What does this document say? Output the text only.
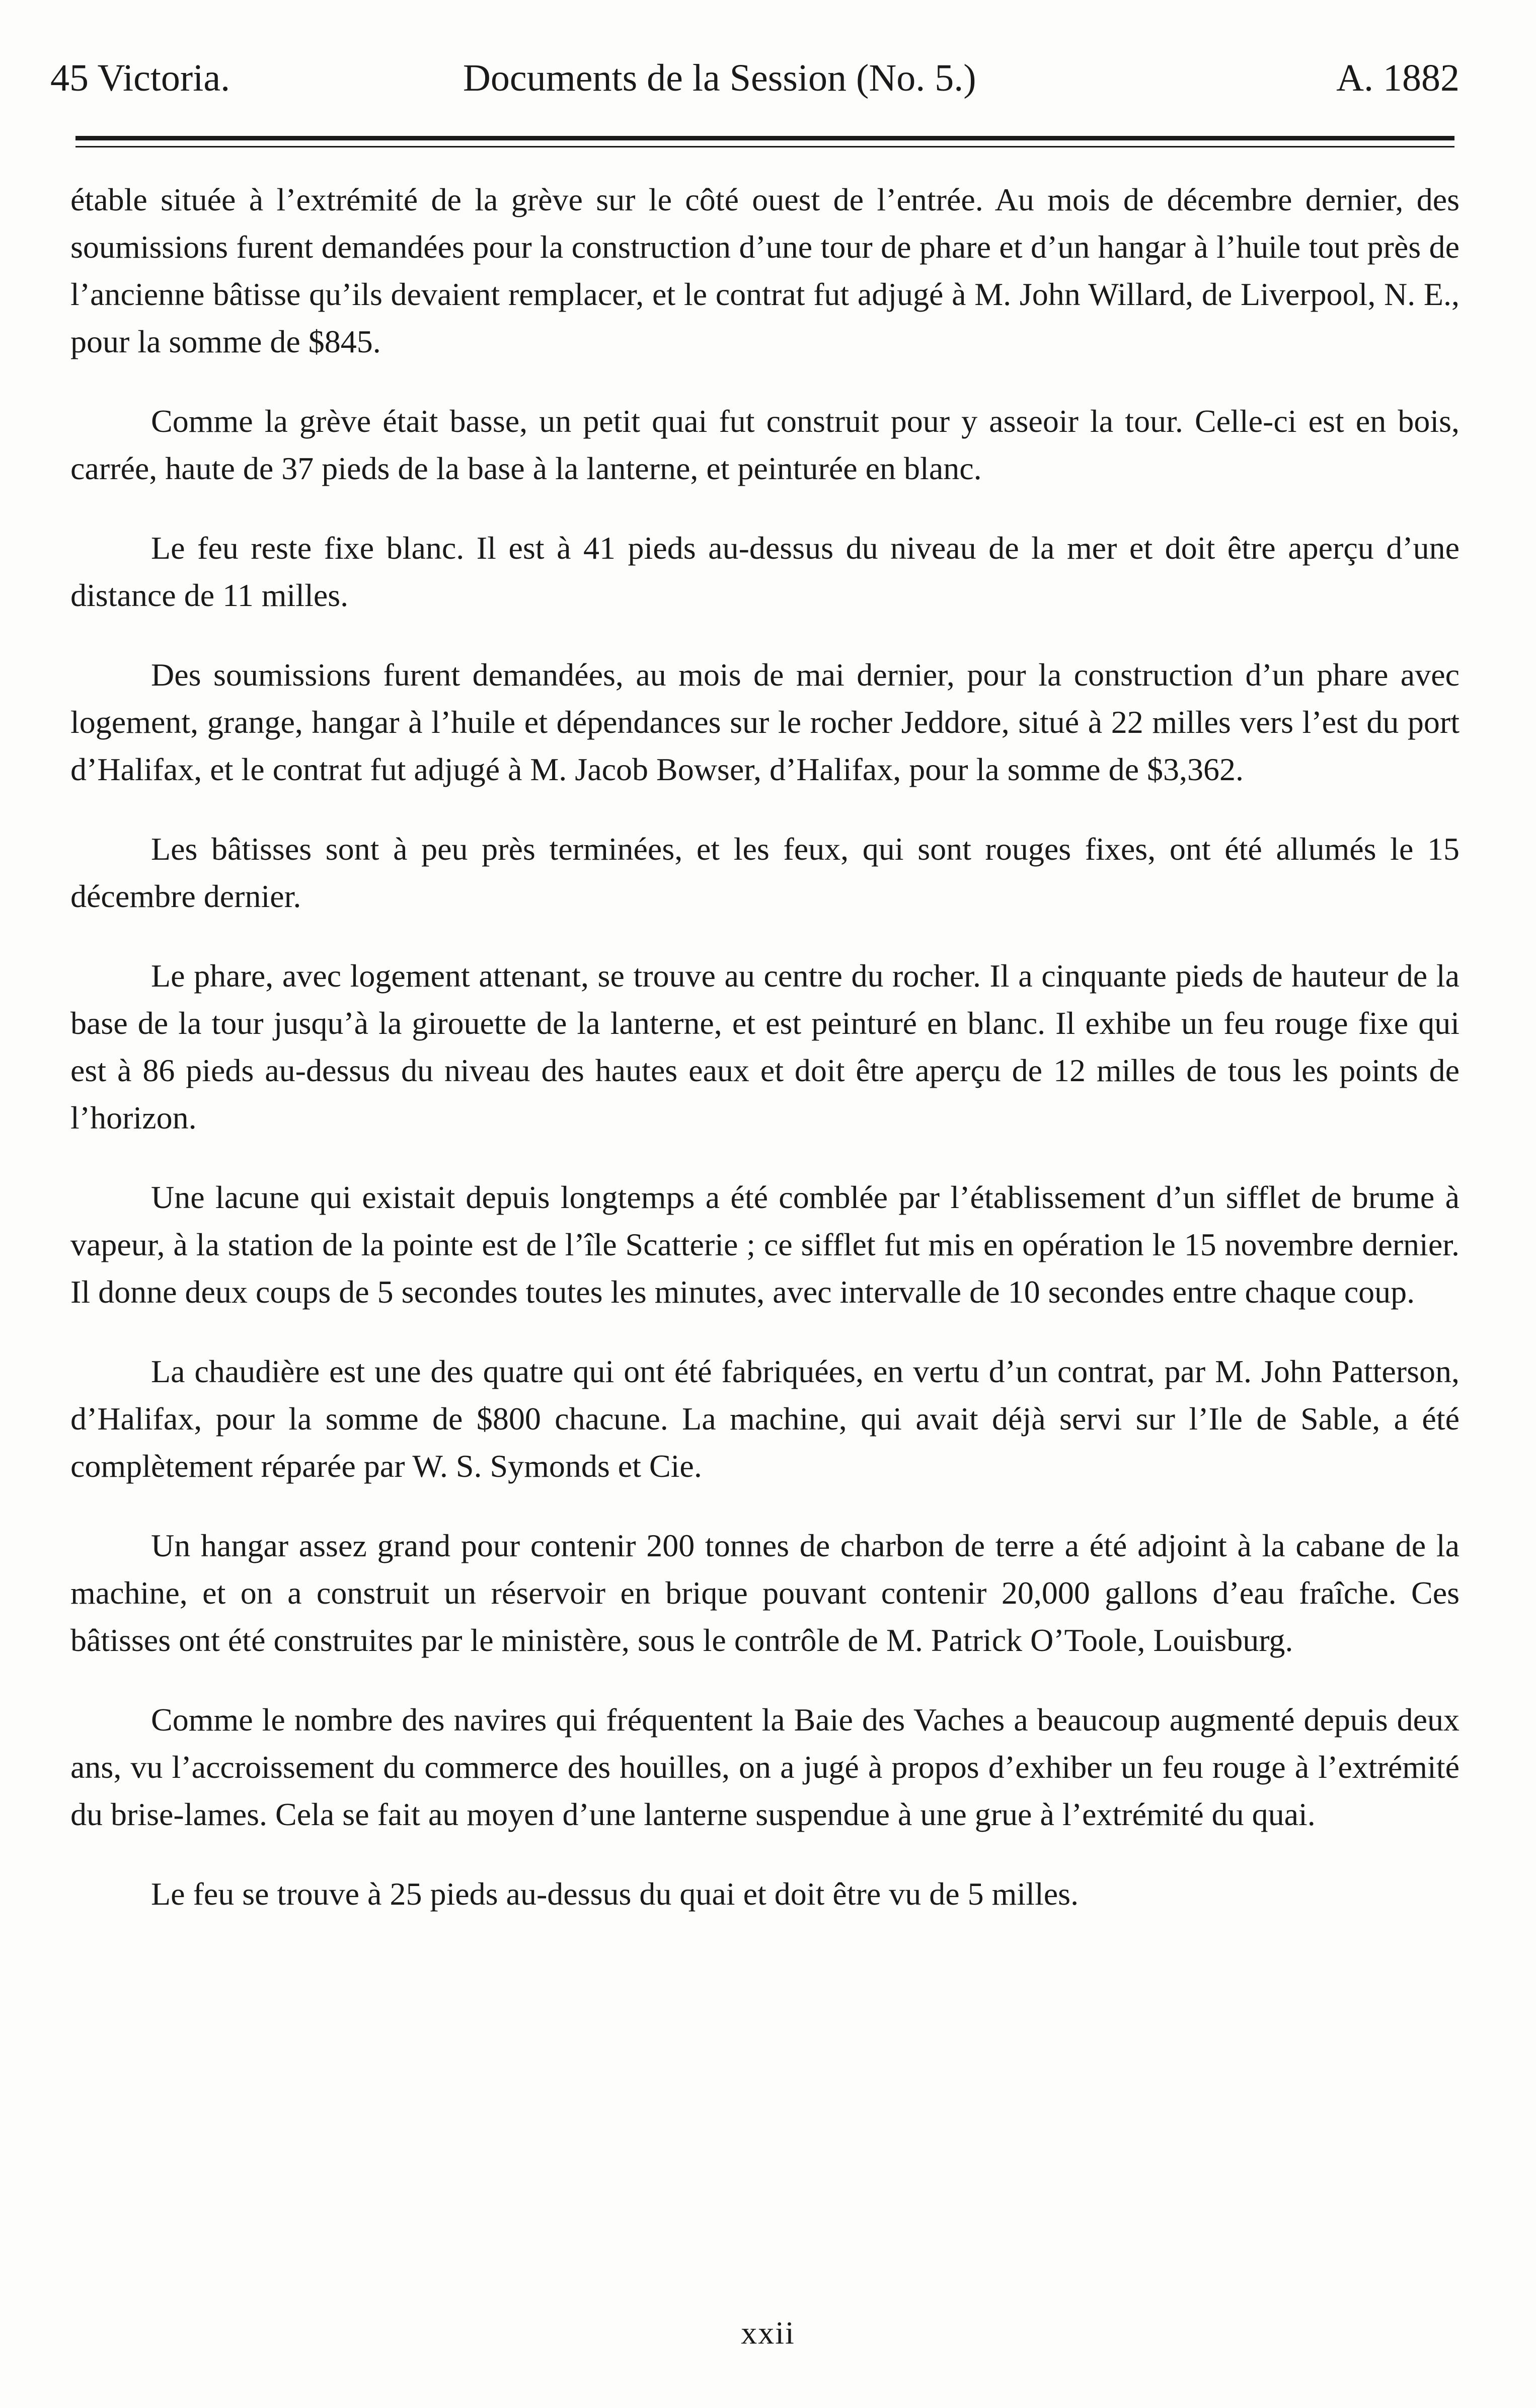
45 Victoria.	Documents de la Session (No. 5.)	A. 1882

étable située à l’extrémité de la grève sur le côté ouest de l’entrée. Au mois de décembre dernier, des soumissions furent demandées pour la construction d’une tour de phare et d’un hangar à l’huile tout près de l’ancienne bâtisse qu’ils devaient remplacer, et le contrat fut adjugé à M. John Willard, de Liverpool, N. E., pour la somme de $845.

Comme la grève était basse, un petit quai fut construit pour y asseoir la tour. Celle-ci est en bois, carrée, haute de 37 pieds de la base à la lanterne, et peinturée en blanc.

Le feu reste fixe blanc. Il est à 41 pieds au-dessus du niveau de la mer et doit être aperçu d’une distance de 11 milles.

Des soumissions furent demandées, au mois de mai dernier, pour la construction d’un phare avec logement, grange, hangar à l’huile et dépendances sur le rocher Jeddore, situé à 22 milles vers l’est du port d’Halifax, et le contrat fut adjugé à M. Jacob Bowser, d’Halifax, pour la somme de $3,362.

Les bâtisses sont à peu près terminées, et les feux, qui sont rouges fixes, ont été allumés le 15 décembre dernier.

Le phare, avec logement attenant, se trouve au centre du rocher. Il a cinquante pieds de hauteur de la base de la tour jusqu’à la girouette de la lanterne, et est peinturé en blanc. Il exhibe un feu rouge fixe qui est à 86 pieds au-dessus du niveau des hautes eaux et doit être aperçu de 12 milles de tous les points de l’horizon.

Une lacune qui existait depuis longtemps a été comblée par l’établissement d’un sifflet de brume à vapeur, à la station de la pointe est de l’île Scatterie ; ce sifflet fut mis en opération le 15 novembre dernier. Il donne deux coups de 5 secondes toutes les minutes, avec intervalle de 10 secondes entre chaque coup.

La chaudière est une des quatre qui ont été fabriquées, en vertu d’un contrat, par M. John Patterson, d’Halifax, pour la somme de $800 chacune. La machine, qui avait déjà servi sur l’Ile de Sable, a été complètement réparée par W. S. Symonds et Cie.

Un hangar assez grand pour contenir 200 tonnes de charbon de terre a été adjoint à la cabane de la machine, et on a construit un réservoir en brique pouvant contenir 20,000 gallons d’eau fraîche. Ces bâtisses ont été construites par le ministère, sous le contrôle de M. Patrick O’Toole, Louisburg.

Comme le nombre des navires qui fréquentent la Baie des Vaches a beaucoup augmenté depuis deux ans, vu l’accroissement du commerce des houilles, on a jugé à propos d’exhiber un feu rouge à l’extrémité du brise-lames. Cela se fait au moyen d’une lanterne suspendue à une grue à l’extrémité du quai.

Le feu se trouve à 25 pieds au-dessus du quai et doit être vu de 5 milles.

xxii
